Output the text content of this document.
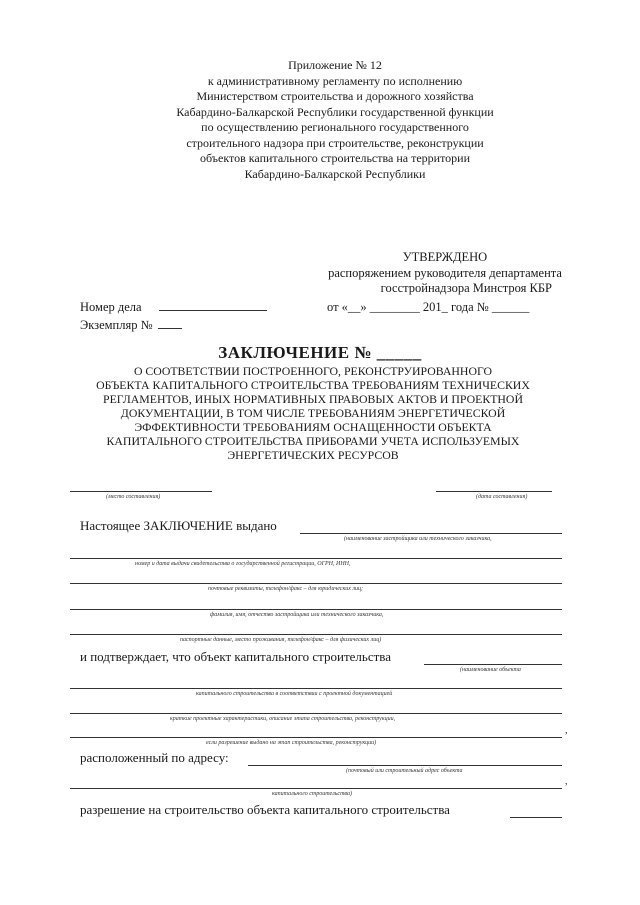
Приложение № 12
к административному регламенту по исполнению
Министерством строительства и дорожного хозяйства
Кабардино-Балкарской Республики государственной функции
по осуществлению регионального государственного
строительного надзора при строительстве, реконструкции
объектов капитального строительства на территории
Кабардино-Балкарской Республики
УТВЕРЖДЕНО
распоряжением руководителя департамента
госстройнадзора Минстроя КБР
Номер дела
Экземпляр №
от «__» ________ 201_ года № ______
ЗАКЛЮЧЕНИЕ № _____
О СООТВЕТСТВИИ ПОСТРОЕННОГО, РЕКОНСТРУИРОВАННОГО
ОБЪЕКТА КАПИТАЛЬНОГО СТРОИТЕЛЬСТВА ТРЕБОВАНИЯМ ТЕХНИЧЕСКИХ
РЕГЛАМЕНТОВ, ИНЫХ НОРМАТИВНЫХ ПРАВОВЫХ АКТОВ И ПРОЕКТНОЙ
ДОКУМЕНТАЦИИ, В ТОМ ЧИСЛЕ ТРЕБОВАНИЯМ ЭНЕРГЕТИЧЕСКОЙ
ЭФФЕКТИВНОСТИ ТРЕБОВАНИЯМ ОСНАЩЕННОСТИ ОБЪЕКТА
КАПИТАЛЬНОГО СТРОИТЕЛЬСТВА ПРИБОРАМИ УЧЕТА ИСПОЛЬЗУЕМЫХ
ЭНЕРГЕТИЧЕСКИХ РЕСУРСОВ
(место составления)	(дата составления)
Настоящее ЗАКЛЮЧЕНИЕ выдано
(наименование застройщика или технического заказчика,
номер и дата выдачи свидетельства о государственной регистрации, ОГРН, ИНН,
почтовые реквизиты, телефон/факс – для юридических лиц;
фамилия, имя, отчество застройщика или технического заказчика,
паспортные данные, место проживания, телефон/факс – для физических лиц)
и подтверждает, что объект капитального строительства
(наименование объекта
капитального строительства в соответствии с проектной документацией
краткие проектные характеристики, описание этапа строительства, реконструкции,
если разрешение выдано на этап строительства, реконструкции)
,
расположенный по адресу:
(почтовый или строительный адрес объекта
капитального строительства)
,
разрешение на строительство объекта капитального строительства
